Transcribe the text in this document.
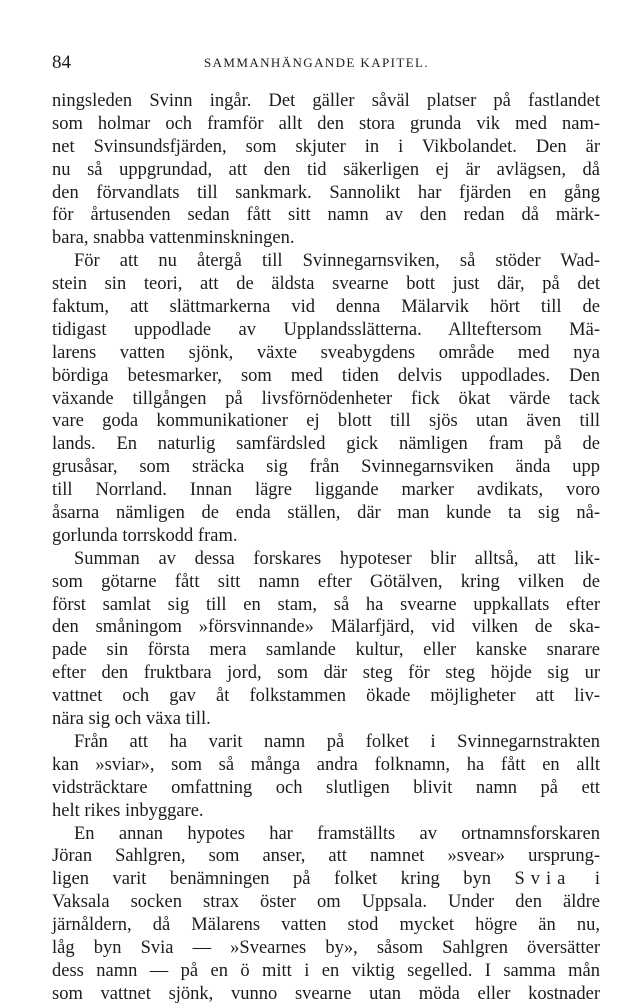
84	SAMMANHÄNGANDE KAPITEL.
ningsleden Svinn ingår. Det gäller såväl platser på fastlandet
som holmar och framför allt den stora grunda vik med nam-
net Svinsundsfjärden, som skjuter in i Vikbolandet. Den är
nu så uppgrundad, att den tid säkerligen ej är avlägsen, då
den förvandlats till sankmark. Sannolikt har fjärden en gång
för årtusenden sedan fått sitt namn av den redan då märk-
bara, snabba vattenminskningen.
För att nu återgå till Svinnegarnsviken, så stöder Wad-
stein sin teori, att de äldsta svearne bott just där, på det
faktum, att slättmarkerna vid denna Mälarvik hört till de
tidigast uppodlade av Upplandsslätterna. Allteftersom Mä-
larens vatten sjönk, växte sveabygdens område med nya
bördiga betesmarker, som med tiden delvis uppodlades. Den
växande tillgången på livsförnödenheter fick ökat värde tack
vare goda kommunikationer ej blott till sjös utan även till
lands. En naturlig samfärdsled gick nämligen fram på de
grusåsar, som sträcka sig från Svinnegarnsviken ända upp
till Norrland. Innan lägre liggande marker avdikats, voro
åsarna nämligen de enda ställen, där man kunde ta sig nå-
gorlunda torrskodd fram.
Summan av dessa forskares hypoteser blir alltså, att lik-
som götarne fått sitt namn efter Götälven, kring vilken de
först samlat sig till en stam, så ha svearne uppkallats efter
den småningom »försvinnande» Mälarfjärd, vid vilken de ska-
pade sin första mera samlande kultur, eller kanske snarare
efter den fruktbara jord, som där steg för steg höjde sig ur
vattnet och gav åt folkstammen ökade möjligheter att liv-
nära sig och växa till.
Från att ha varit namn på folket i Svinnegarnstrakten
kan »sviar», som så många andra folknamn, ha fått en allt
vidsträcktare omfattning och slutligen blivit namn på ett
helt rikes inbyggare.
En annan hypotes har framställts av ortnamnsforskaren
Jöran Sahlgren, som anser, att namnet »svear» ursprung-
ligen varit benämningen på folket kring byn Svia i
Vaksala socken strax öster om Uppsala. Under den äldre
järnåldern, då Mälarens vatten stod mycket högre än nu,
låg byn Svia — »Svearnes by», såsom Sahlgren översätter
dess namn — på en ö mitt i en viktig segelled. I samma mån
som vattnet sjönk, vunno svearne utan möda eller kostnader
